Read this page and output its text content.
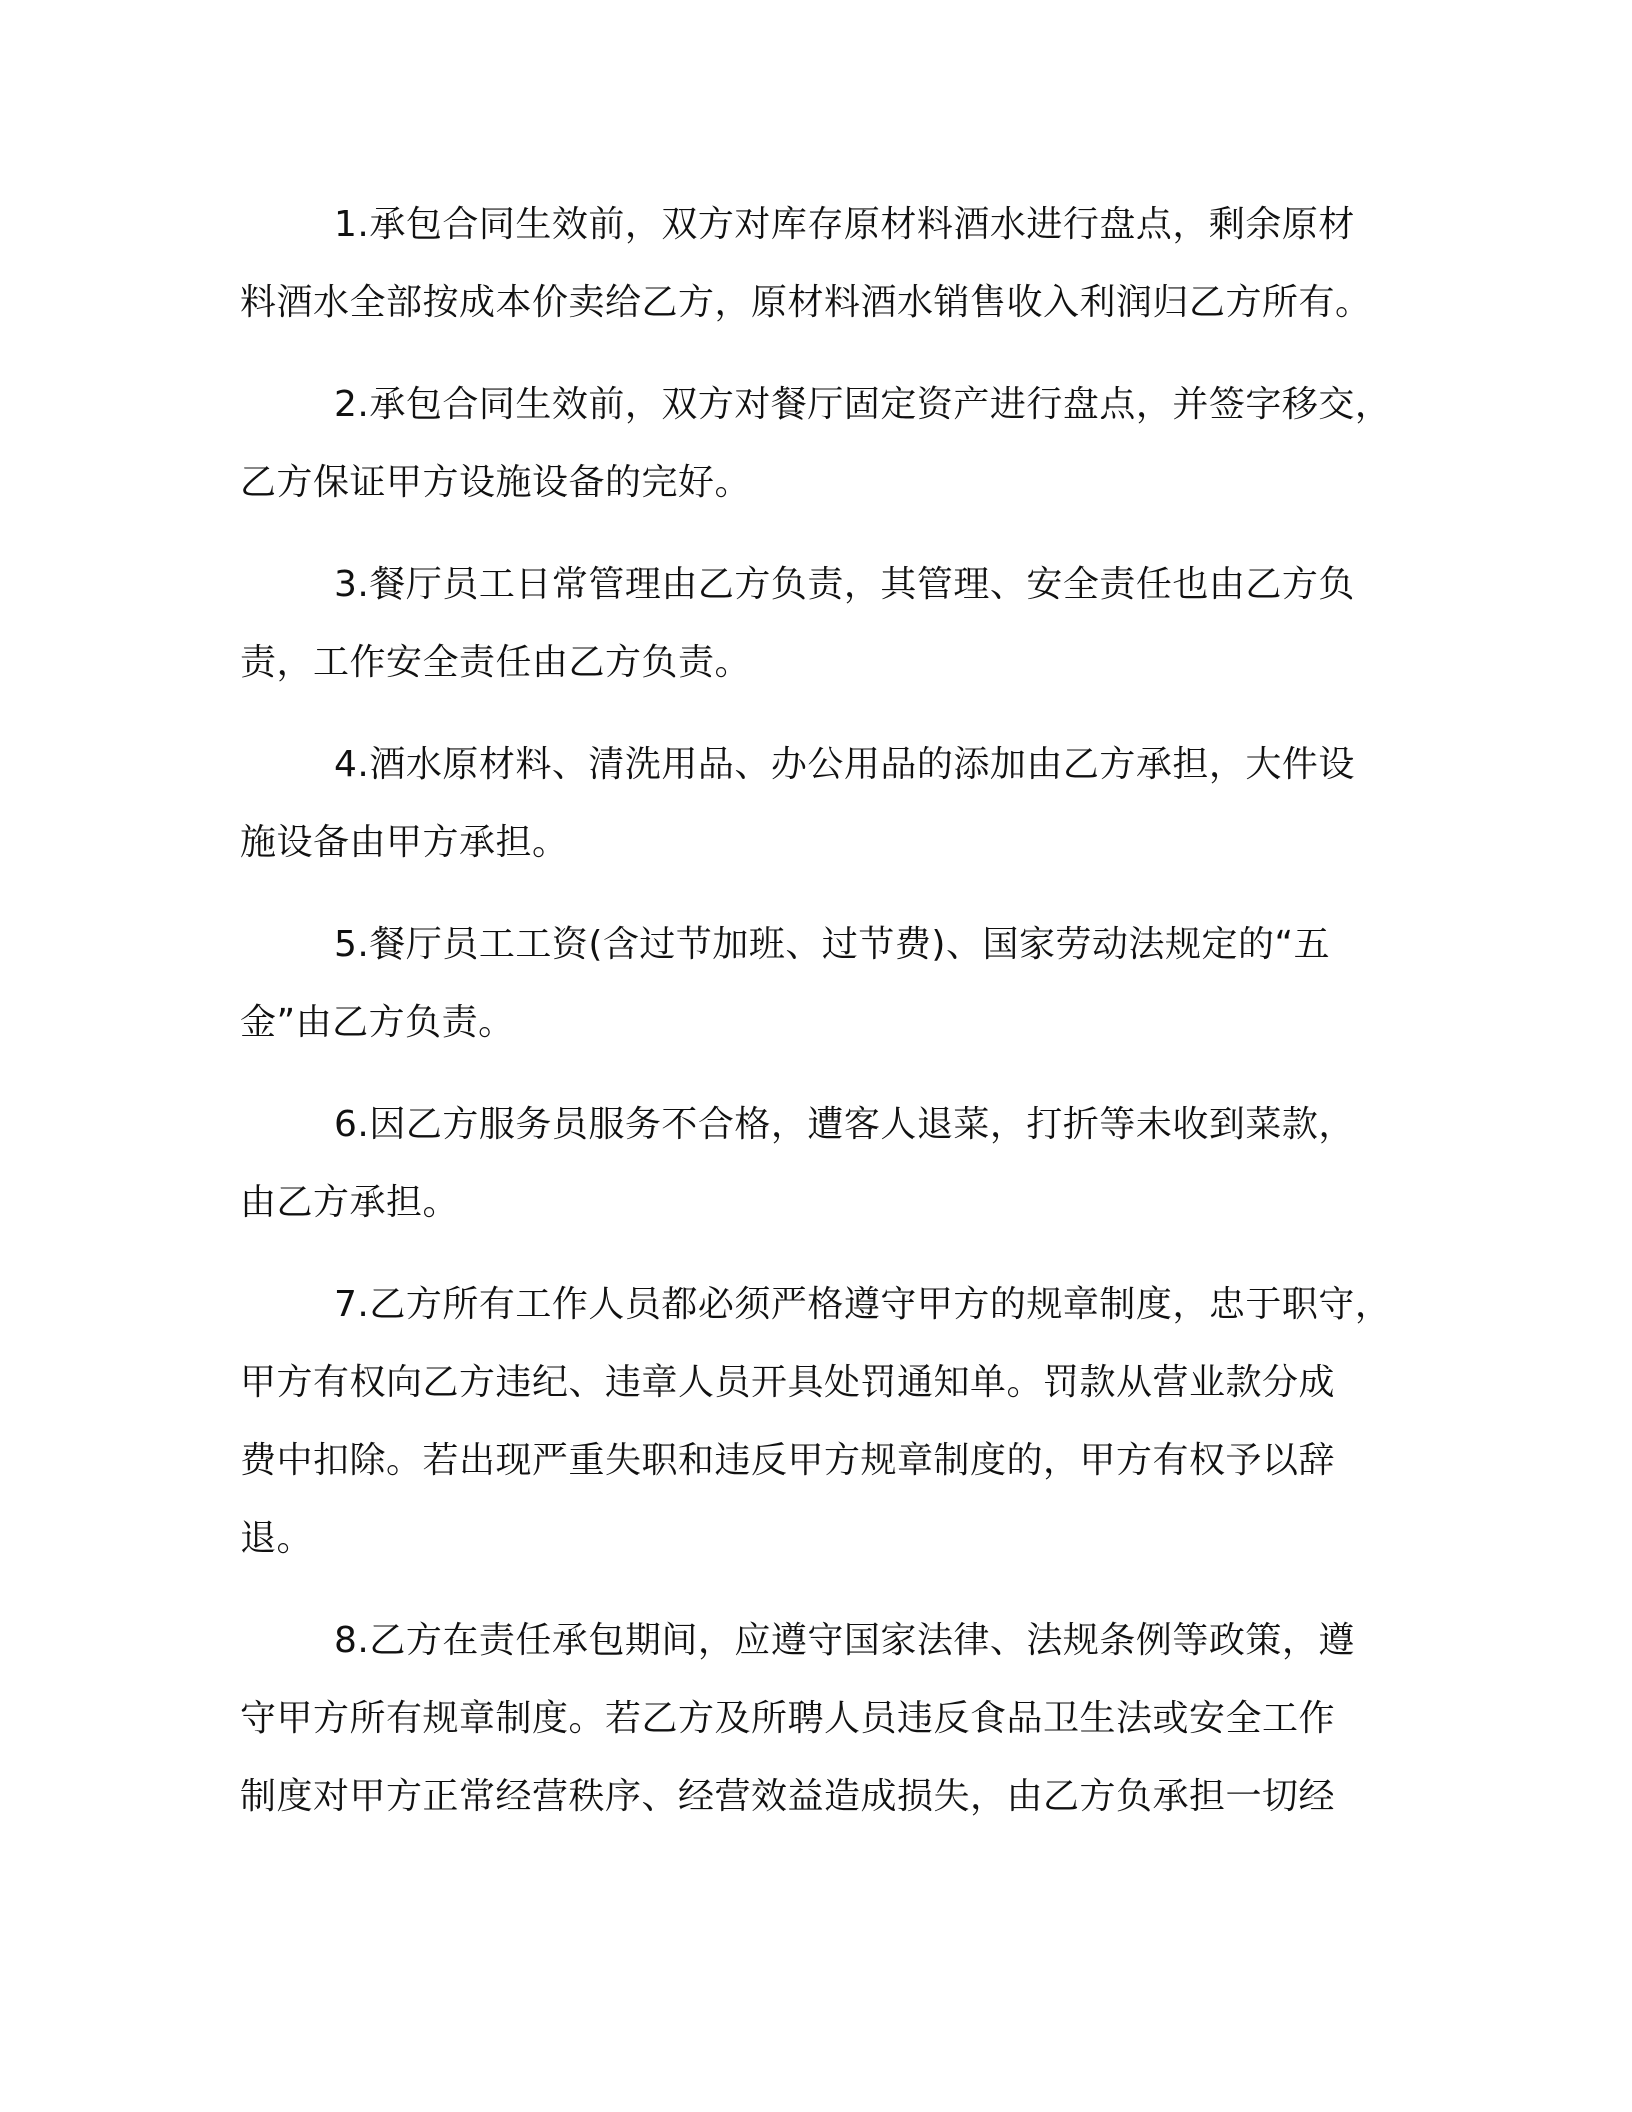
1.承包合同生效前，双方对库存原材料酒水进行盘点，剩余原材
料酒水全部按成本价卖给乙方，原材料酒水销售收入利润归乙方所有。

2.承包合同生效前，双方对餐厅固定资产进行盘点，并签字移交，
乙方保证甲方设施设备的完好。

3.餐厅员工日常管理由乙方负责，其管理、安全责任也由乙方负
责，工作安全责任由乙方负责。

4.酒水原材料、清洗用品、办公用品的添加由乙方承担，大件设
施设备由甲方承担。

5.餐厅员工工资(含过节加班、过节费)、国家劳动法规定的“五
金”由乙方负责。

6.因乙方服务员服务不合格，遭客人退菜，打折等未收到菜款，
由乙方承担。

7.乙方所有工作人员都必须严格遵守甲方的规章制度，忠于职守，
甲方有权向乙方违纪、违章人员开具处罚通知单。罚款从营业款分成
费中扣除。若出现严重失职和违反甲方规章制度的，甲方有权予以辞
退。

8.乙方在责任承包期间，应遵守国家法律、法规条例等政策，遵
守甲方所有规章制度。若乙方及所聘人员违反食品卫生法或安全工作
制度对甲方正常经营秩序、经营效益造成损失，由乙方负承担一切经
